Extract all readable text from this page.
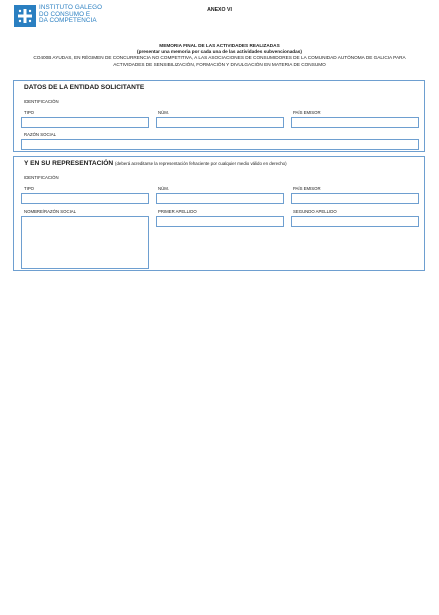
INSTITUTO GALEGO
DO CONSUMO E
DA COMPETENCIA
ANEXO VI
MEMORIA FINAL DE LAS ACTIVIDADES REALIZADAS
(presentar una memoria por cada una de las actividades subvencionadas)
CO400B AYUDAS, EN RÉGIMEN DE CONCURRENCIA NO COMPETITIVA, A LAS ASOCIACIONES DE CONSUMIDORES DE LA COMUNIDAD AUTÓNOMA DE GALICIA PARA
ACTIVIDADES DE SENSIBILIZACIÓN, FORMACIÓN Y DIVULGACIÓN EN MATERIA DE CONSUMO
DATOS DE LA ENTIDAD SOLICITANTE
IDENTIFICACIÓN
TIPO	NÚM.	PAÍS EMISOR
RAZÓN SOCIAL
Y EN SU REPRESENTACIÓN (deberá acreditarse la representación fehaciente por cualquier medio válido en derecho)
IDENTIFICACIÓN
TIPO	NÚM.	PAÍS EMISOR
NOMBRE/RAZÓN SOCIAL	PRIMER APELLIDO	SEGUNDO APELLIDO
